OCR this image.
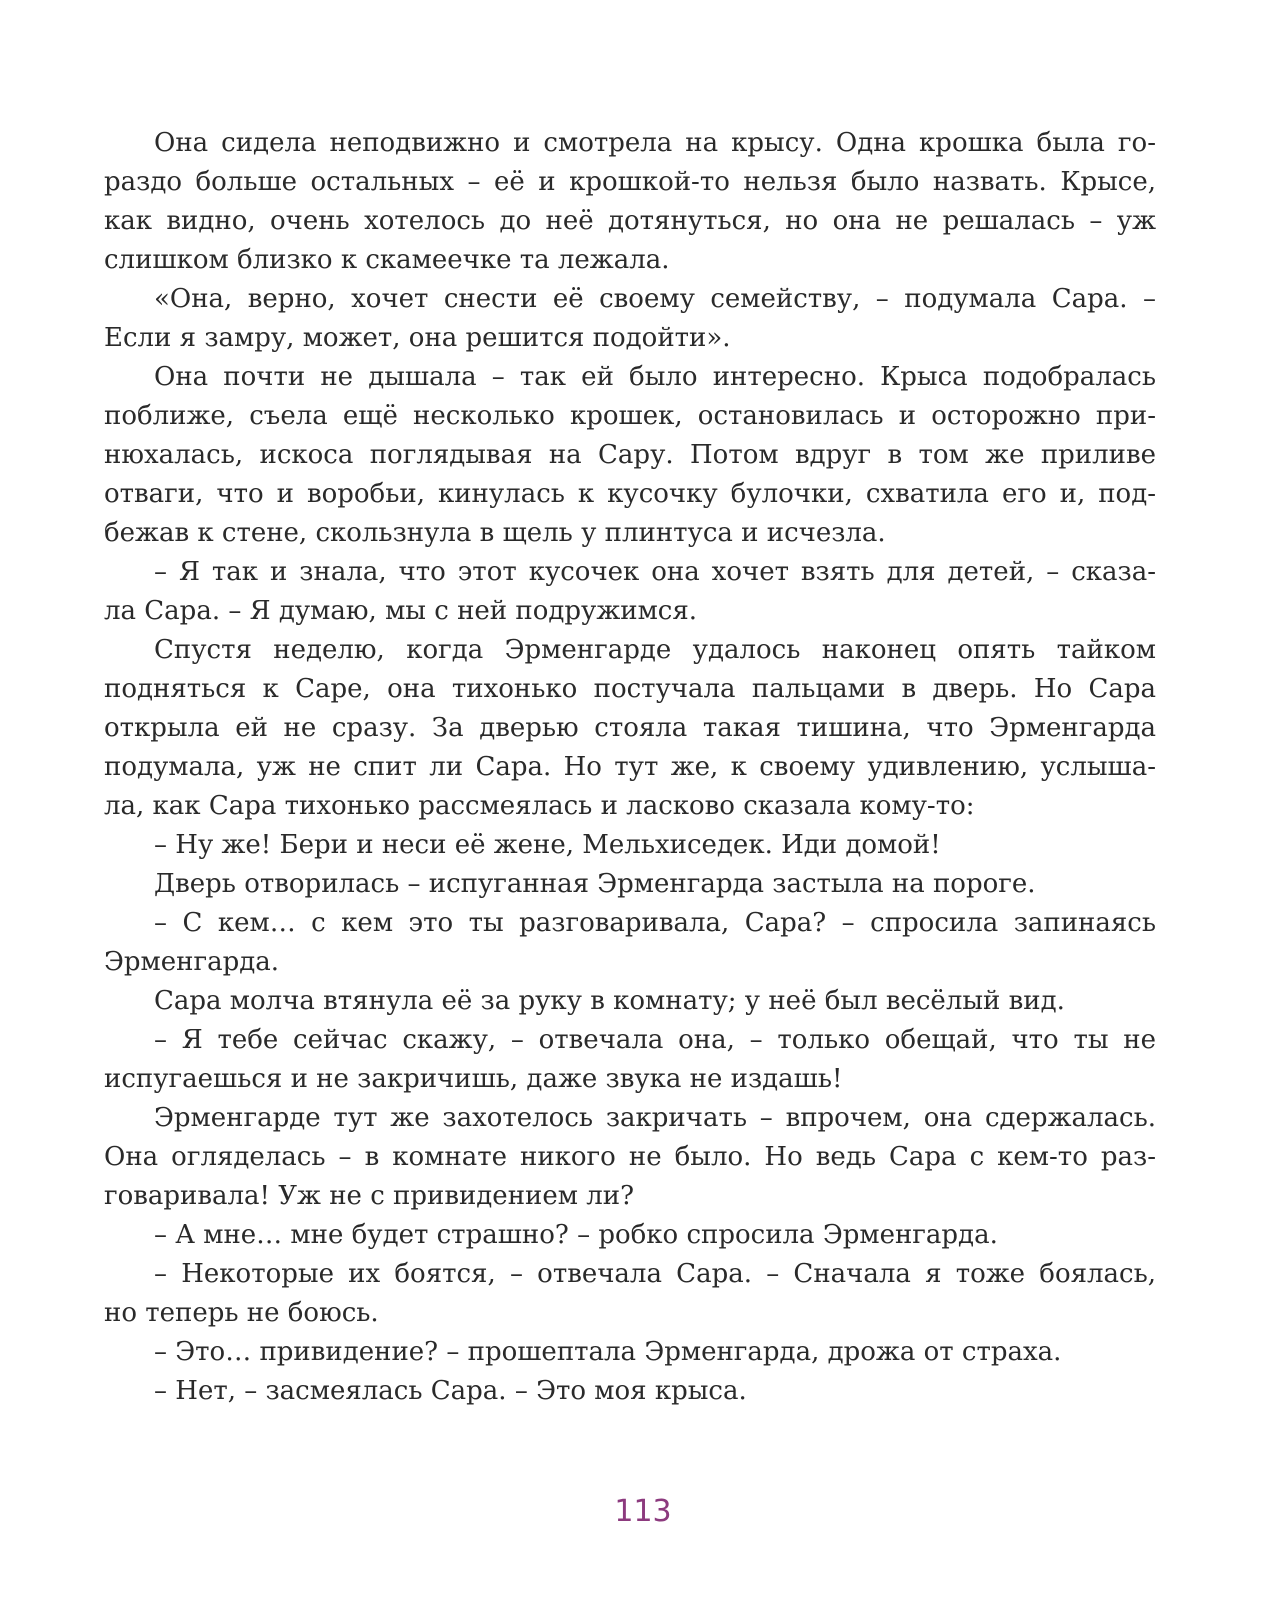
Она сидела неподвижно и смотрела на крысу. Одна крошка была го-
раздо больше остальных – её и крошкой-то нельзя было назвать. Крысе,
как видно, очень хотелось до неё дотянуться, но она не решалась – уж
слишком близко к скамеечке та лежала.
«Она, верно, хочет снести её своему семейству, – подумала Сара. –
Если я замру, может, она решится подойти».
Она почти не дышала – так ей было интересно. Крыса подобралась
поближе, съела ещё несколько крошек, остановилась и осторожно при-
нюхалась, искоса поглядывая на Сару. Потом вдруг в том же приливе
отваги, что и воробьи, кинулась к кусочку булочки, схватила его и, под-
бежав к стене, скользнула в щель у плинтуса и исчезла.
– Я так и знала, что этот кусочек она хочет взять для детей, – сказа-
ла Сара. – Я думаю, мы с ней подружимся.
Спустя неделю, когда Эрменгарде удалось наконец опять тайком
подняться к Саре, она тихонько постучала пальцами в дверь. Но Сара
открыла ей не сразу. За дверью стояла такая тишина, что Эрменгарда
подумала, уж не спит ли Сара. Но тут же, к своему удивлению, услыша-
ла, как Сара тихонько рассмеялась и ласково сказала кому-то:
– Ну же! Бери и неси её жене, Мельхиседек. Иди домой!
Дверь отворилась – испуганная Эрменгарда застыла на пороге.
– С кем… с кем это ты разговаривала, Сара? – спросила запинаясь
Эрменгарда.
Сара молча втянула её за руку в комнату; у неё был весёлый вид.
– Я тебе сейчас скажу, – отвечала она, – только обещай, что ты не
испугаешься и не закричишь, даже звука не издашь!
Эрменгарде тут же захотелось закричать – впрочем, она сдержалась.
Она огляделась – в комнате никого не было. Но ведь Сара с кем-то раз-
говаривала! Уж не с привидением ли?
– А мне… мне будет страшно? – робко спросила Эрменгарда.
– Некоторые их боятся, – отвечала Сара. – Сначала я тоже боялась,
но теперь не боюсь.
– Это… привидение? – прошептала Эрменгарда, дрожа от страха.
– Нет, – засмеялась Сара. – Это моя крыса.
113
